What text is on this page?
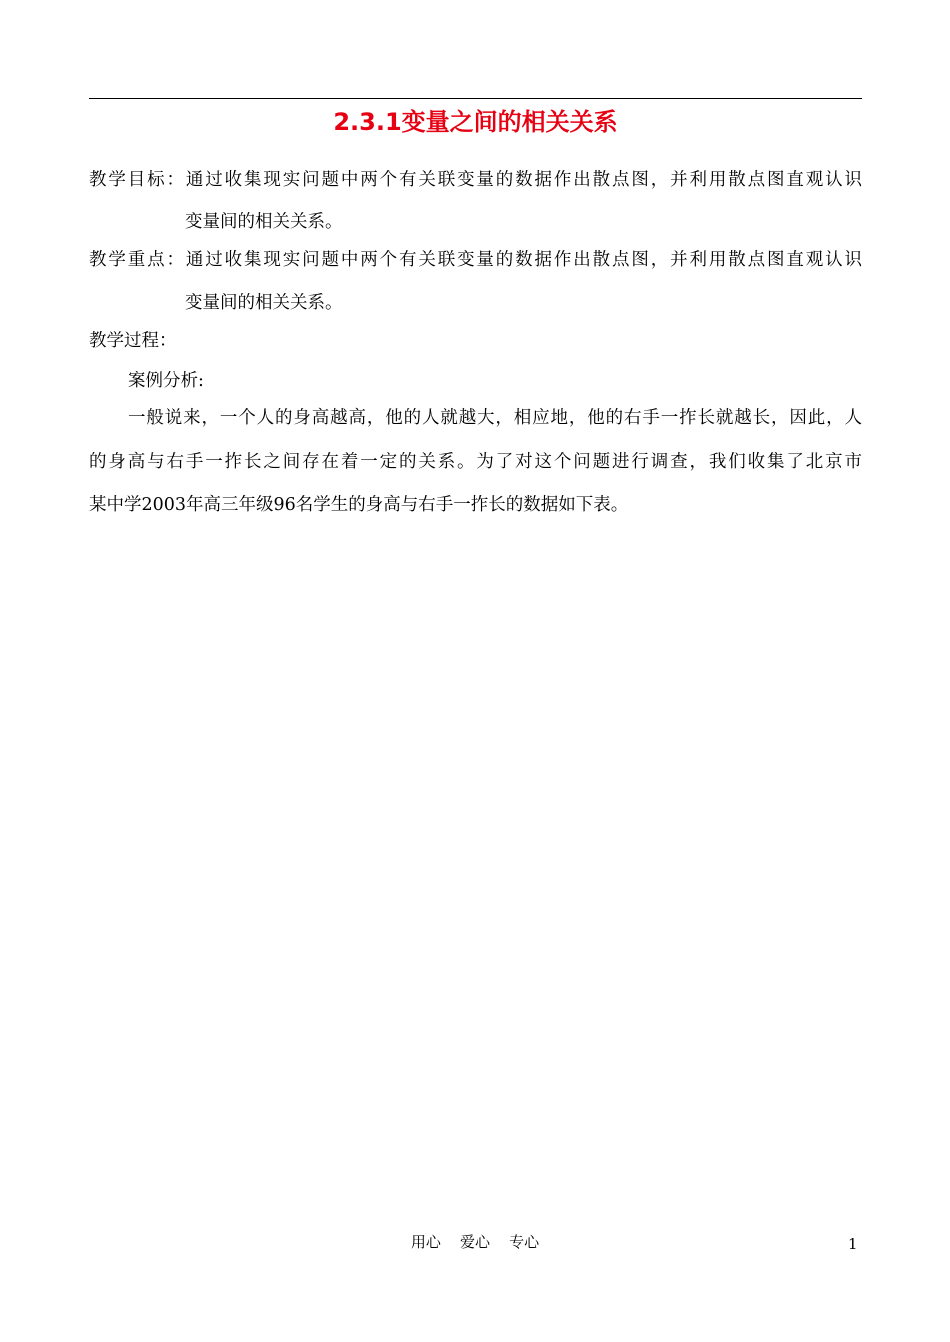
2.3.1变量之间的相关关系
教学目标：通过收集现实问题中两个有关联变量的数据作出散点图，并利用散点图直观认识
变量间的相关关系。
教学重点：通过收集现实问题中两个有关联变量的数据作出散点图，并利用散点图直观认识
变量间的相关关系。
教学过程：
案例分析:
一般说来，一个人的身高越高，他的人就越大，相应地，他的右手一拃长就越长，因此，人
的身高与右手一拃长之间存在着一定的关系。为了对这个问题进行调查，我们收集了北京市
某中学2003年高三年级96名学生的身高与右手一拃长的数据如下表。
用心    爱心    专心	1
